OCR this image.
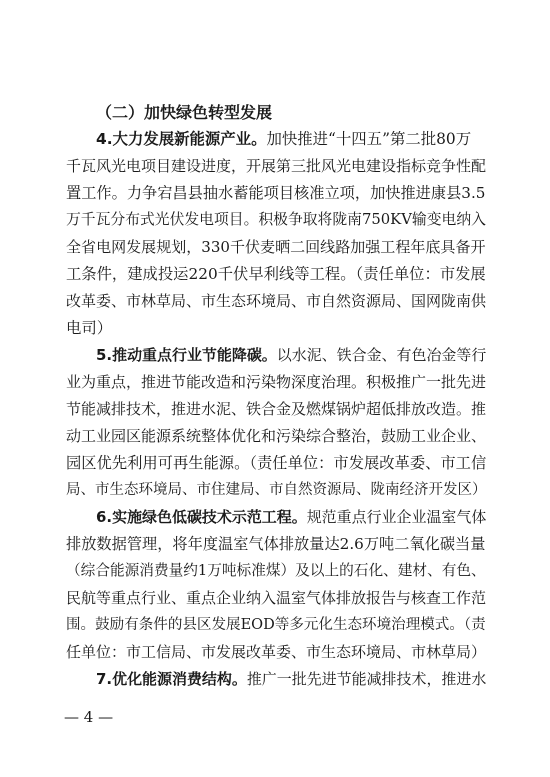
（二）加快绿色转型发展
4.大力发展新能源产业。加快推进“十四五”第二批80万
千瓦风光电项目建设进度，开展第三批风光电建设指标竞争性配
置工作。力争宕昌县抽水蓄能项目核准立项，加快推进康县3.5
万千瓦分布式光伏发电项目。积极争取将陇南750KV输变电纳入
全省电网发展规划，330千伏麦晒二回线路加强工程年底具备开
工条件，建成投运220千伏早利线等工程。（责任单位：市发展
改革委、市林草局、市生态环境局、市自然资源局、国网陇南供
电司）
5.推动重点行业节能降碳。以水泥、铁合金、有色冶金等行
业为重点，推进节能改造和污染物深度治理。积极推广一批先进
节能减排技术，推进水泥、铁合金及燃煤锅炉超低排放改造。推
动工业园区能源系统整体优化和污染综合整治，鼓励工业企业、
园区优先利用可再生能源。（责任单位：市发展改革委、市工信
局、市生态环境局、市住建局、市自然资源局、陇南经济开发区）
6.实施绿色低碳技术示范工程。规范重点行业企业温室气体
排放数据管理，将年度温室气体排放量达2.6万吨二氧化碳当量
（综合能源消费量约1万吨标准煤）及以上的石化、建材、有色、
民航等重点行业、重点企业纳入温室气体排放报告与核查工作范
围。鼓励有条件的县区发展EOD等多元化生态环境治理模式。（责
任单位：市工信局、市发展改革委、市生态环境局、市林草局）
7.优化能源消费结构。推广一批先进节能减排技术，推进水
— 4 —
